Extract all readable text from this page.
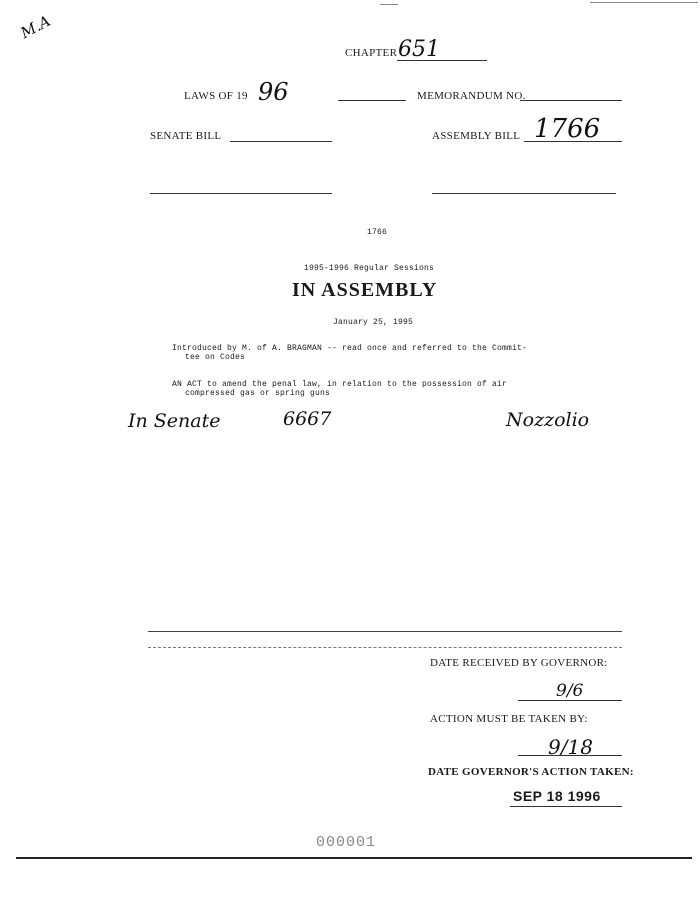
M.A
CHAPTER 651
LAWS OF 19 96	MEMORANDUM NO.
SENATE BILL	ASSEMBLY BILL 1766
1766
1995-1996 Regular Sessions
IN ASSEMBLY
January 25, 1995
Introduced by M. of A. BRAGMAN -- read once and referred to the Commit-
tee on Codes
AN ACT to amend the penal law, in relation to the possession of air
compressed gas or spring guns
In Senate	6667	Nozzolio
DATE RECEIVED BY GOVERNOR:
9/6
ACTION MUST BE TAKEN BY:
9/18
DATE GOVERNOR'S ACTION TAKEN:
SEP 18 1996
000001
